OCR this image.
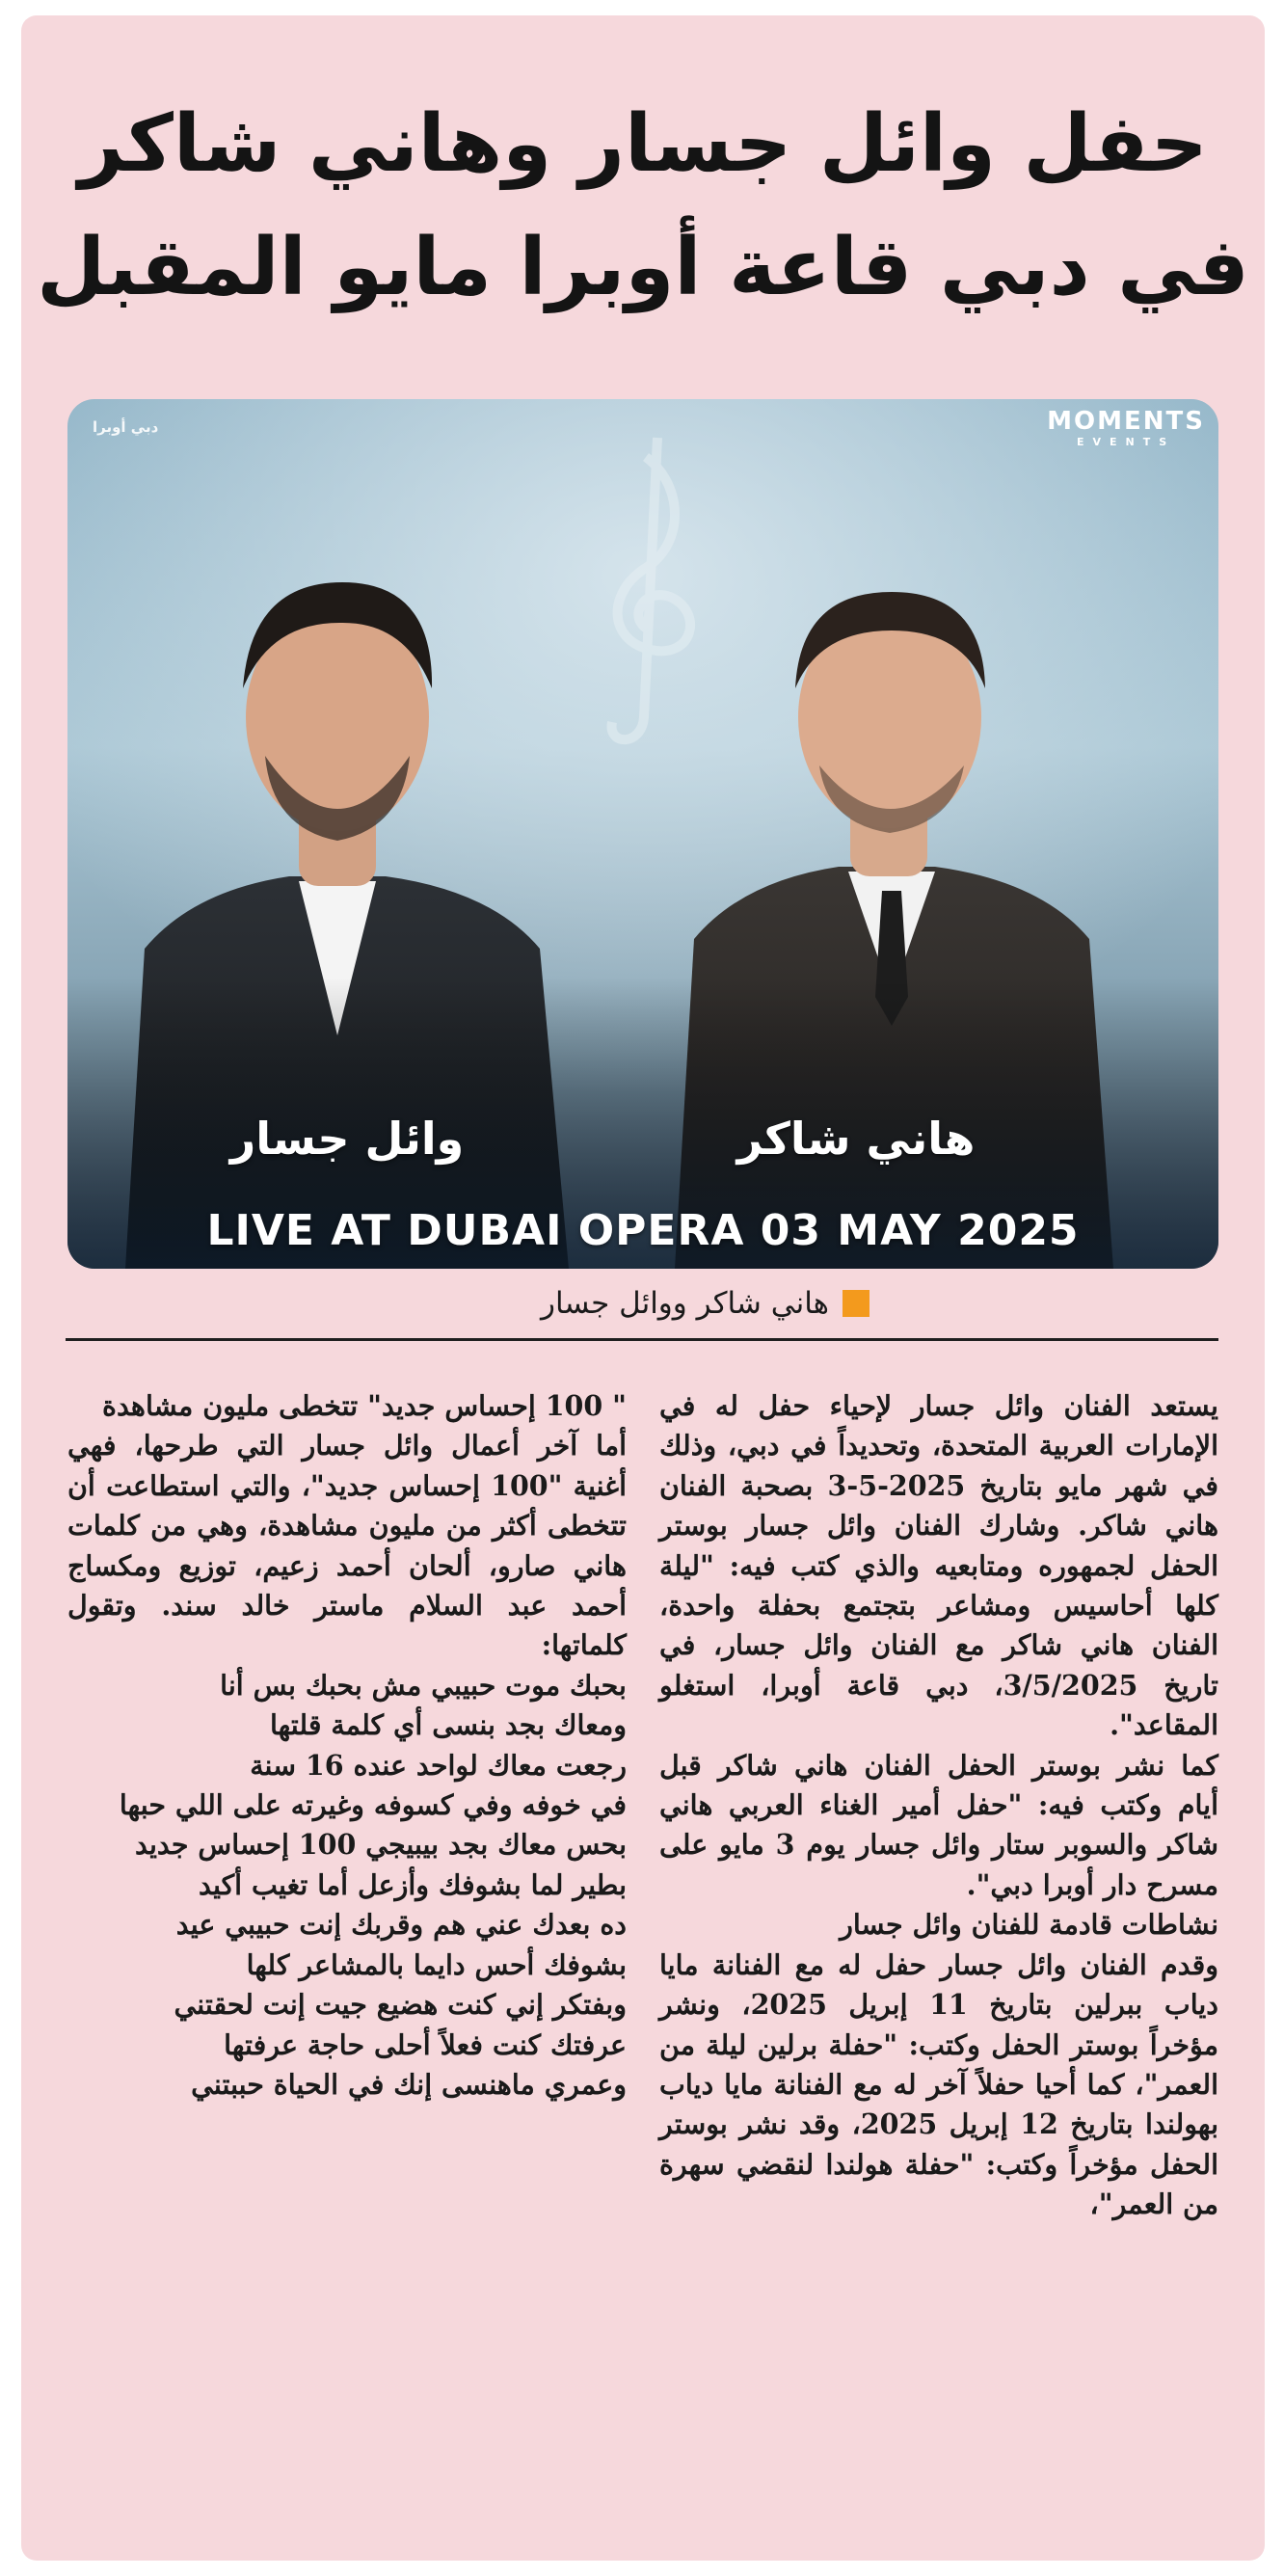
حفل وائل جسار وهاني شاكر
في دبي قاعة أوبرا مايو المقبل
دبي أوبرا	MOMENTS
EVENTS
هاني شاكر
وائل جسار
LIVE AT DUBAI OPERA 03 MAY 2025
هاني شاكر ووائل جسار

يستعد الفنان وائل جسار لإحياء حفل له في الإمارات العربية المتحدة، وتحديداً في دبي، وذلك في شهر مايو بتاريخ 2025-5-3 بصحبة الفنان هاني شاكر. وشارك الفنان وائل جسار بوستر الحفل لجمهوره ومتابعيه والذي كتب فيه: "ليلة كلها أحاسيس ومشاعر بتجتمع بحفلة واحدة، الفنان هاني شاكر مع الفنان وائل جسار، في تاريخ 3/5/2025، دبي قاعة أوبرا، استغلو المقاعد".

كما نشر بوستر الحفل الفنان هاني شاكر قبل أيام وكتب فيه: "حفل أمير الغناء العربي هاني شاكر والسوبر ستار وائل جسار يوم 3 مايو على مسرح دار أوبرا دبي".

نشاطات قادمة للفنان وائل جسار

وقدم الفنان وائل جسار حفل له مع الفنانة مايا دياب ببرلين بتاريخ 11 إبريل 2025، ونشر مؤخراً بوستر الحفل وكتب: "حفلة برلين ليلة من العمر"، كما أحيا حفلاً آخر له مع الفنانة مايا دياب بهولندا بتاريخ 12 إبريل 2025، وقد نشر بوستر الحفل مؤخراً وكتب: "حفلة هولندا لنقضي سهرة من العمر"،

" 100 إحساس جديد" تتخطى مليون مشاهدة

أما آخر أعمال وائل جسار التي طرحها، فهي أغنية "100 إحساس جديد"، والتي استطاعت أن تتخطى أكثر من مليون مشاهدة، وهي من كلمات هاني صارو، ألحان أحمد زعيم، توزيع ومكساج أحمد عبد السلام ماستر خالد سند. وتقول كلماتها:

بحبك موت حبيبي مش بحبك بس أنا

ومعاك بجد بنسى أي كلمة قلتها

رجعت معاك لواحد عنده 16 سنة

في خوفه وفي كسوفه وغيرته على اللي حبها

بحس معاك بجد بيبيجي 100 إحساس جديد

بطير لما بشوفك وأزعل أما تغيب أكيد

ده بعدك عني هم وقربك إنت حبيبي عيد

بشوفك أحس دايما بالمشاعر كلها

وبفتكر إني كنت هضيع جيت إنت لحقتني

عرفتك كنت فعلاً أحلى حاجة عرفتها

وعمري ماهنسى إنك في الحياة حببتني
